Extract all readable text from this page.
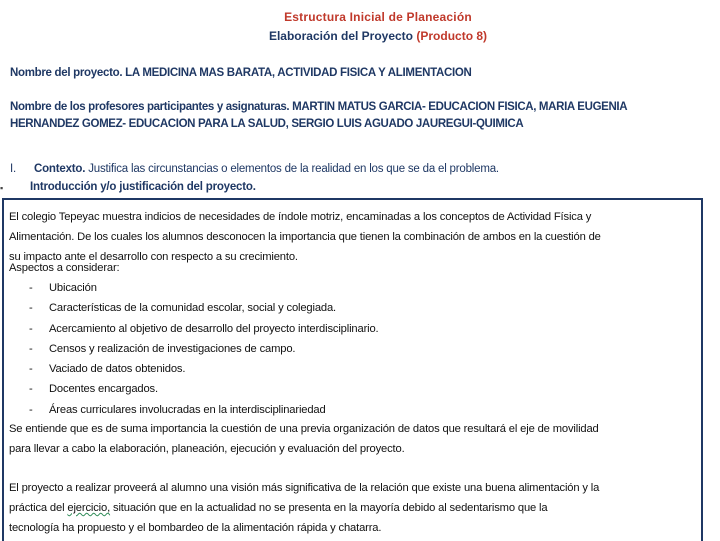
Estructura Inicial de Planeación
Elaboración del Proyecto (Producto 8)
Nombre del proyecto. LA MEDICINA MAS BARATA, ACTIVIDAD FISICA Y ALIMENTACION
Nombre de los profesores participantes y asignaturas. MARTIN MATUS GARCIA- EDUCACION FISICA, MARIA EUGENIA
HERNANDEZ GOMEZ- EDUCACION PARA LA SALUD, SERGIO LUIS AGUADO JAUREGUI-QUIMICA
I. Contexto. Justifica las circunstancias o elementos de la realidad en los que se da el problema.
▪ Introducción y/o justificación del proyecto.
El colegio Tepeyac muestra indicios de necesidades de índole motriz, encaminadas a los conceptos de Actividad Física y
Alimentación. De los cuales los alumnos desconocen la importancia que tienen la combinación de ambos en la cuestión de
su impacto ante el desarrollo con respecto a su crecimiento.
Aspectos a considerar:
-	Ubicación
-	Características de la comunidad escolar, social y colegiada.
-	Acercamiento al objetivo de desarrollo del proyecto interdisciplinario.
-	Censos y realización de investigaciones de campo.
-	Vaciado de datos obtenidos.
-	Docentes encargados.
-	Áreas curriculares involucradas en la interdisciplinariedad
Se entiende que es de suma importancia la cuestión de una previa organización de datos que resultará el eje de movilidad
para llevar a cabo la elaboración, planeación, ejecución y evaluación del proyecto.
El proyecto a realizar proveerá al alumno una visión más significativa de la relación que existe una buena alimentación y la
práctica del ejercicio, situación que en la actualidad no se presenta en la mayoría debido al sedentarismo que la
tecnología ha propuesto y el bombardeo de la alimentación rápida y chatarra.
